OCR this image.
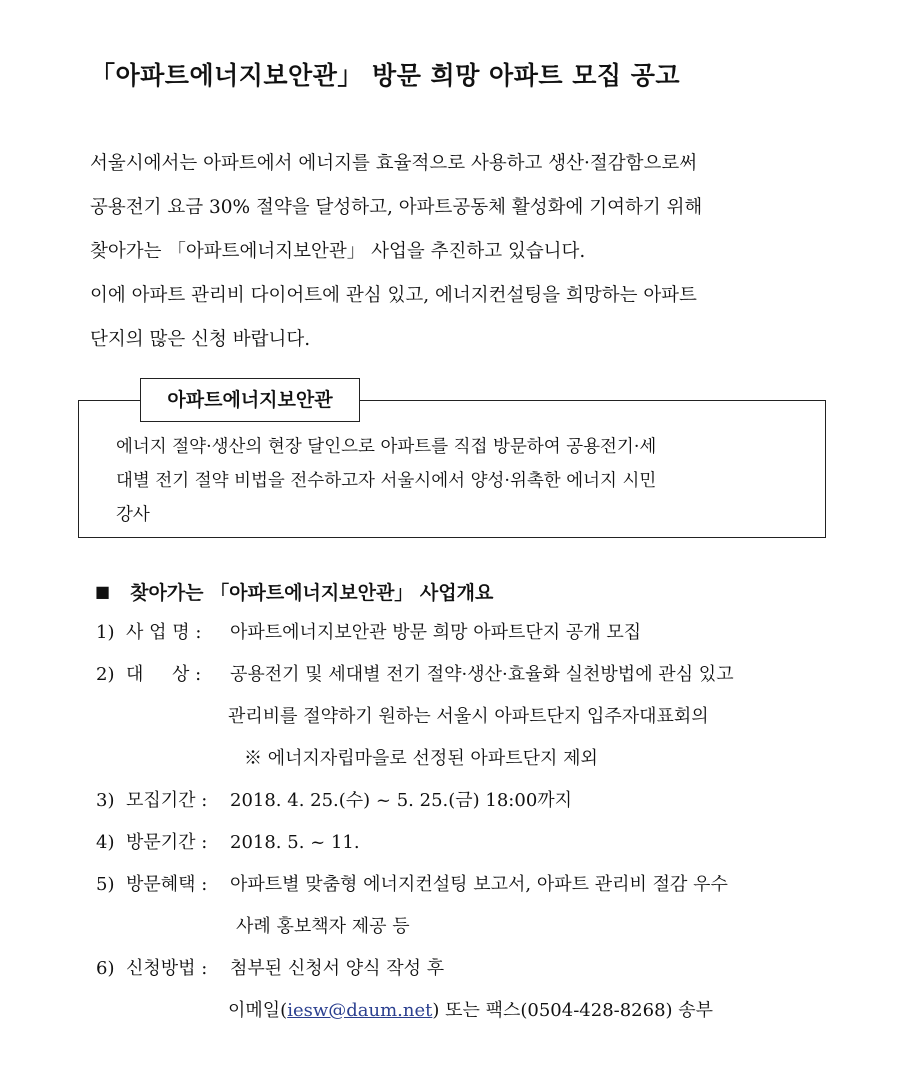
「아파트에너지보안관」 방문 희망 아파트 모집 공고
서울시에서는 아파트에서 에너지를 효율적으로 사용하고 생산·절감함으로써
공용전기 요금 30% 절약을 달성하고, 아파트공동체 활성화에 기여하기 위해
찾아가는 「아파트에너지보안관」 사업을 추진하고 있습니다.
이에 아파트 관리비 다이어트에 관심 있고, 에너지컨설팅을 희망하는 아파트
단지의 많은 신청 바랍니다.
아파트에너지보안관
에너지 절약·생산의 현장 달인으로 아파트를 직접 방문하여 공용전기·세
대별 전기 절약 비법을 전수하고자 서울시에서 양성·위촉한 에너지 시민
강사
■ 찾아가는 「아파트에너지보안관」 사업개요
1) 사 업 명 : 아파트에너지보안관 방문 희망 아파트단지 공개 모집
2) 대     상 : 공용전기 및 세대별 전기 절약·생산·효율화 실천방법에 관심 있고
관리비를 절약하기 원하는 서울시 아파트단지 입주자대표회의
※ 에너지자립마을로 선정된 아파트단지 제외
3) 모집기간 : 2018. 4. 25.(수) ~ 5. 25.(금) 18:00까지
4) 방문기간 : 2018. 5. ~ 11.
5) 방문혜택 : 아파트별 맞춤형 에너지컨설팅 보고서, 아파트 관리비 절감 우수
사례 홍보책자 제공 등
6) 신청방법 : 첨부된 신청서 양식 작성 후
이메일(iesw@daum.net) 또는 팩스(0504-428-8268) 송부
